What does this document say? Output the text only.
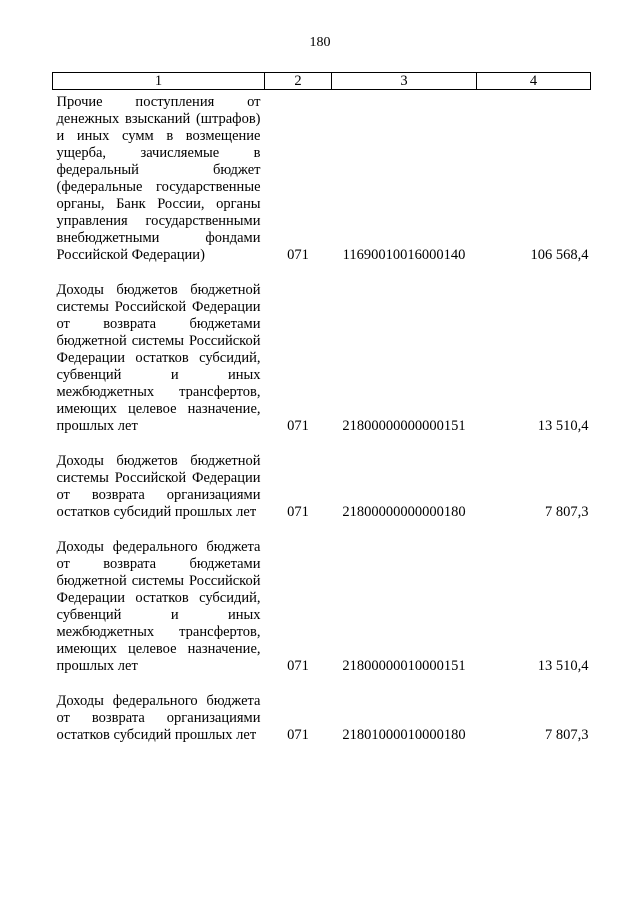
180
1	2	3	4
Прочие поступления от денежных взысканий (штрафов) и иных сумм в возмещение ущерба, зачисляемые в федеральный бюджет (федеральные государственные органы, Банк России, органы управления государственными внебюджетными фондами Российской Федерации)	071	11690010016000140	106 568,4

Доходы бюджетов бюджетной системы Российской Федерации от возврата бюджетами бюджетной системы Российской Федерации остатков субсидий, субвенций и иных межбюджетных трансфертов, имеющих целевое назначение, прошлых лет	071	21800000000000151	13 510,4

Доходы бюджетов бюджетной системы Российской Федерации от возврата организациями остатков субсидий прошлых лет	071	21800000000000180	7 807,3

Доходы федерального бюджета от возврата бюджетами бюджетной системы Российской Федерации остатков субсидий, субвенций и иных межбюджетных трансфертов, имеющих целевое назначение, прошлых лет	071	21800000010000151	13 510,4

Доходы федерального бюджета от возврата организациями остатков субсидий прошлых лет	071	21801000010000180	7 807,3
